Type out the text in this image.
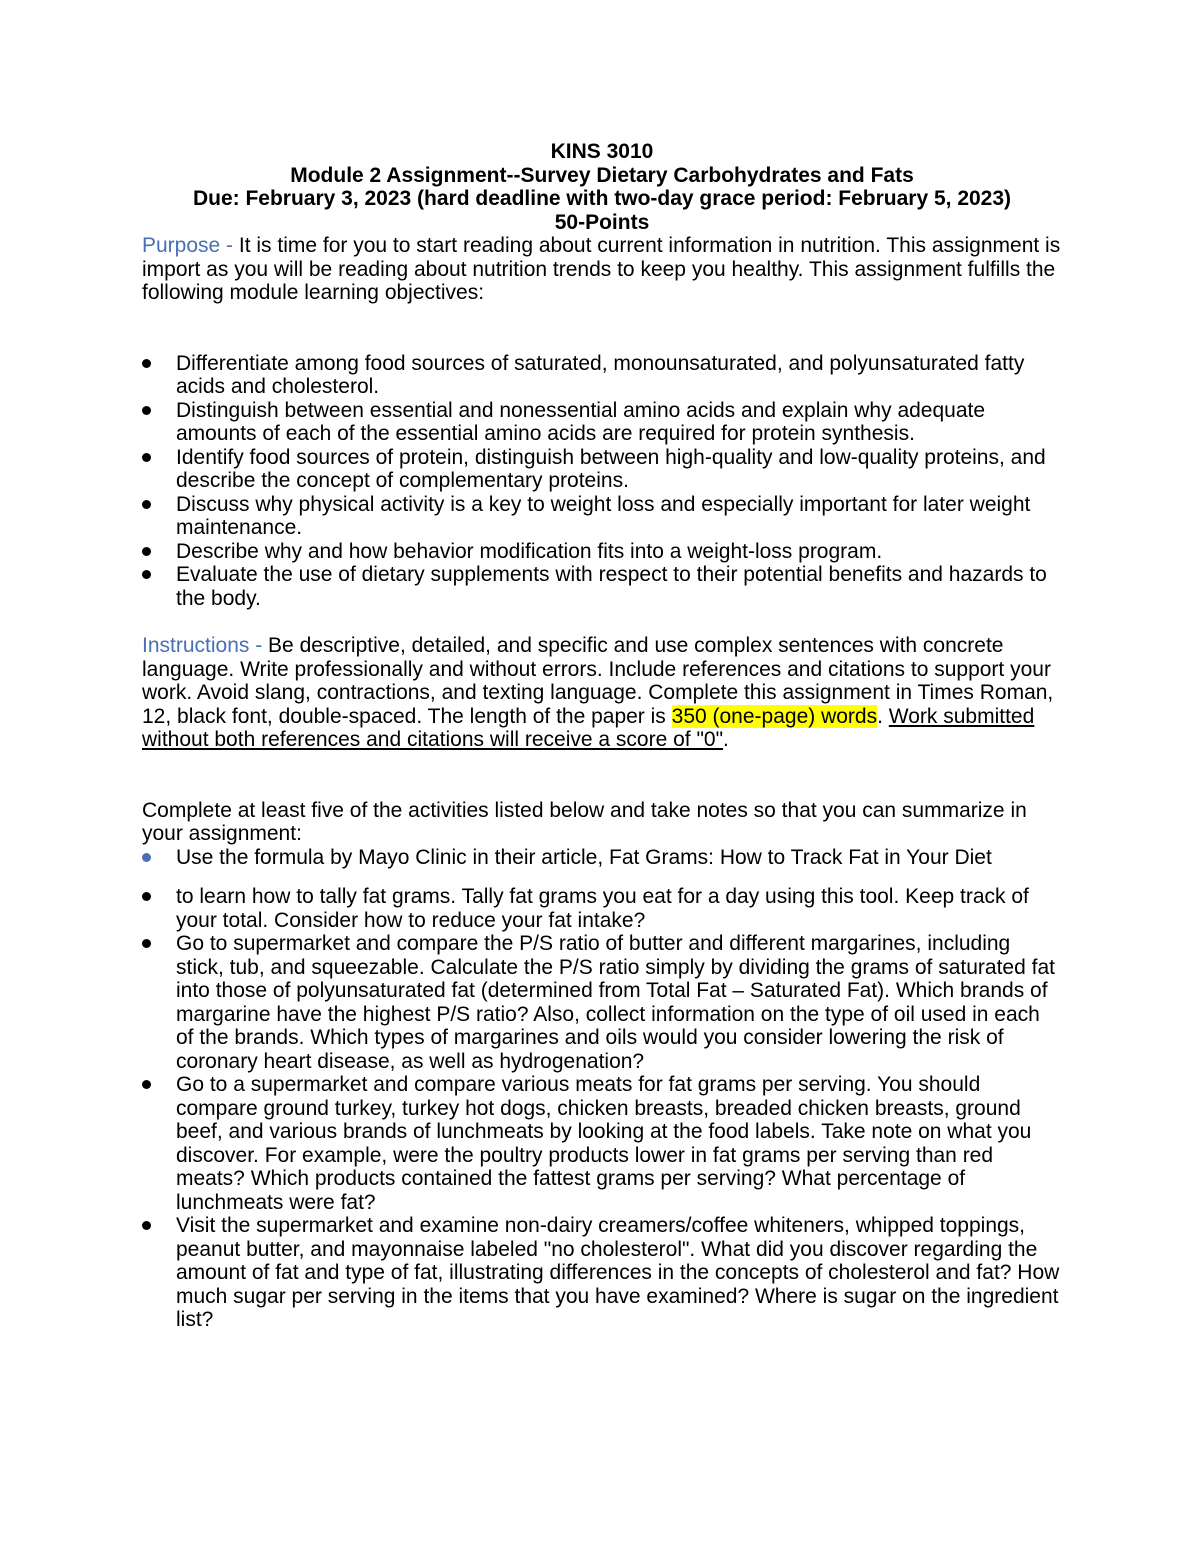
KINS 3010
Module 2 Assignment--Survey Dietary Carbohydrates and Fats
Due: February 3, 2023 (hard deadline with two-day grace period: February 5, 2023)
50-Points

Purpose - It is time for you to start reading about current information in nutrition. This assignment is import as you will be reading about nutrition trends to keep you healthy. This assignment fulfills the following module learning objectives:

Differentiate among food sources of saturated, monounsaturated, and polyunsaturated fatty acids and cholesterol.
Distinguish between essential and nonessential amino acids and explain why adequate amounts of each of the essential amino acids are required for protein synthesis.
Identify food sources of protein, distinguish between high-quality and low-quality proteins, and describe the concept of complementary proteins.
Discuss why physical activity is a key to weight loss and especially important for later weight maintenance.
Describe why and how behavior modification fits into a weight-loss program.
Evaluate the use of dietary supplements with respect to their potential benefits and hazards to the body.

Instructions - Be descriptive, detailed, and specific and use complex sentences with concrete language. Write professionally and without errors. Include references and citations to support your work. Avoid slang, contractions, and texting language. Complete this assignment in Times Roman, 12, black font, double-spaced. The length of the paper is 350 (one-page) words. Work submitted without both references and citations will receive a score of "0".

Complete at least five of the activities listed below and take notes so that you can summarize in your assignment:

Use the formula by Mayo Clinic in their article, Fat Grams: How to Track Fat in Your Diet
to learn how to tally fat grams. Tally fat grams you eat for a day using this tool. Keep track of your total. Consider how to reduce your fat intake?
Go to supermarket and compare the P/S ratio of butter and different margarines, including stick, tub, and squeezable. Calculate the P/S ratio simply by dividing the grams of saturated fat into those of polyunsaturated fat (determined from Total Fat – Saturated Fat). Which brands of margarine have the highest P/S ratio? Also, collect information on the type of oil used in each of the brands. Which types of margarines and oils would you consider lowering the risk of coronary heart disease, as well as hydrogenation?
Go to a supermarket and compare various meats for fat grams per serving. You should compare ground turkey, turkey hot dogs, chicken breasts, breaded chicken breasts, ground beef, and various brands of lunchmeats by looking at the food labels. Take note on what you discover. For example, were the poultry products lower in fat grams per serving than red meats? Which products contained the fattest grams per serving? What percentage of lunchmeats were fat?
Visit the supermarket and examine non-dairy creamers/coffee whiteners, whipped toppings, peanut butter, and mayonnaise labeled "no cholesterol". What did you discover regarding the amount of fat and type of fat, illustrating differences in the concepts of cholesterol and fat? How much sugar per serving in the items that you have examined? Where is sugar on the ingredient list?
